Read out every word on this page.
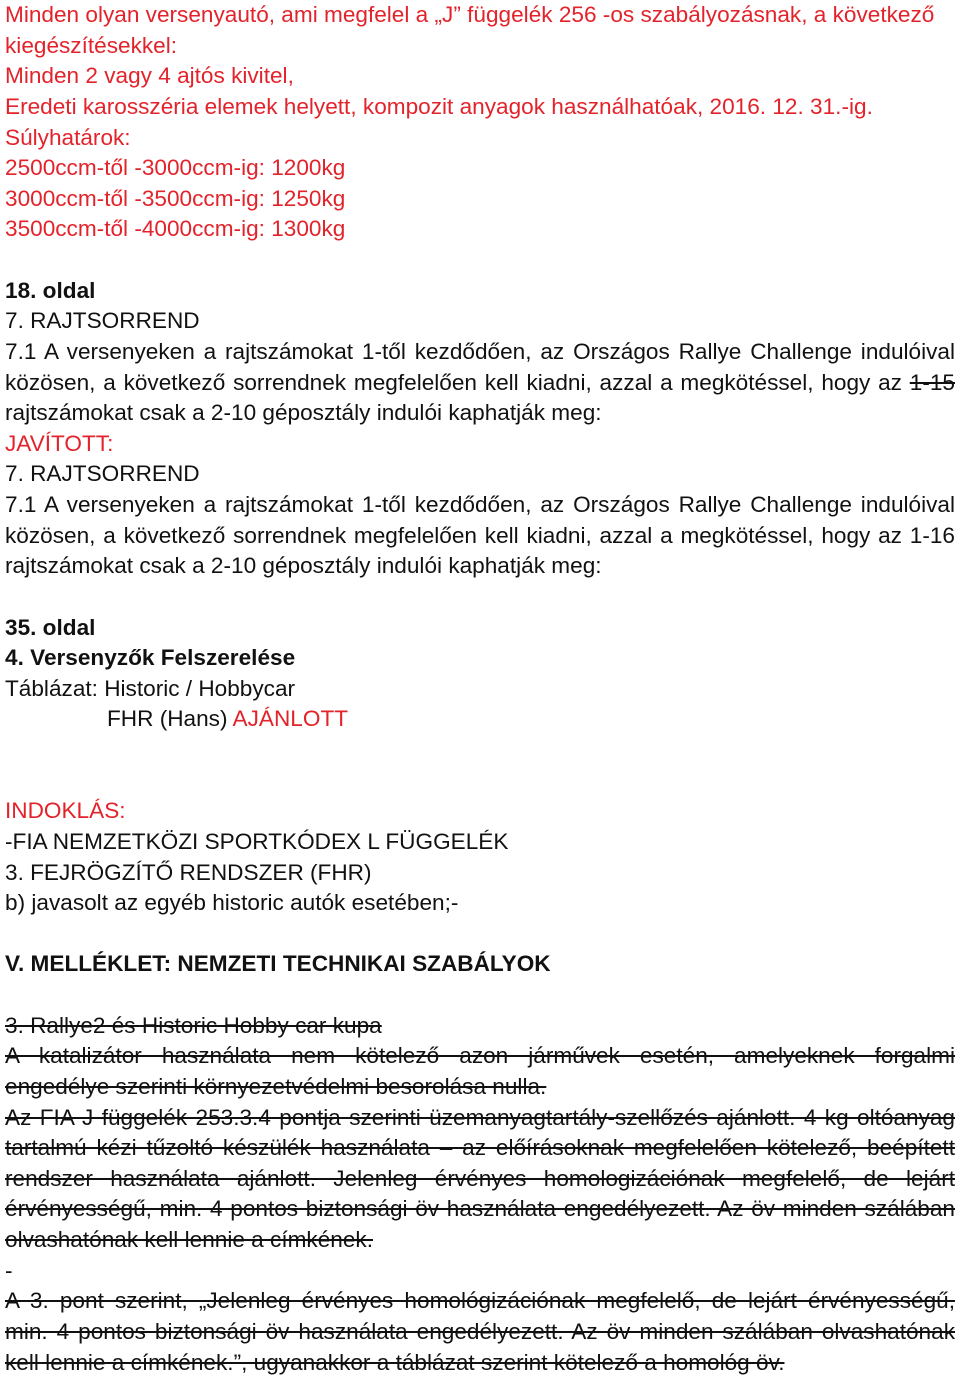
Minden olyan versenyautó, ami megfelel a „J” függelék 256 -os szabályozásnak, a következő
kiegészítésekkel:
Minden 2 vagy 4 ajtós kivitel,
Eredeti karosszéria elemek helyett, kompozit anyagok használhatóak, 2016. 12. 31.-ig.
Súlyhatárok:
2500ccm-től -3000ccm-ig: 1200kg
3000ccm-től -3500ccm-ig: 1250kg
3500ccm-től -4000ccm-ig: 1300kg
18. oldal
7. RAJTSORREND
7.1 A versenyeken a rajtszámokat 1-től kezdődően, az Országos Rallye Challenge indulóival
közösen, a következő sorrendnek megfelelően kell kiadni, azzal a megkötéssel, hogy az 1-15
rajtszámokat csak a 2-10 géposztály indulói kaphatják meg:
JAVÍTOTT:
7. RAJTSORREND
7.1 A versenyeken a rajtszámokat 1-től kezdődően, az Országos Rallye Challenge indulóival
közösen, a következő sorrendnek megfelelően kell kiadni, azzal a megkötéssel, hogy az 1-16
rajtszámokat csak a 2-10 géposztály indulói kaphatják meg:
35. oldal
4. Versenyzők Felszerelése
Táblázat: Historic / Hobbycar
FHR (Hans) AJÁNLOTT
INDOKLÁS:
-FIA NEMZETKÖZI SPORTKÓDEX L FÜGGELÉK
3. FEJRÖGZÍTŐ RENDSZER (FHR)
b) javasolt az egyéb historic autók esetében;-
V. MELLÉKLET: NEMZETI TECHNIKAI SZABÁLYOK
3. Rallye2 és Historic Hobby car kupa
A katalizátor használata nem kötelező azon járművek esetén, amelyeknek forgalmi
engedélye szerinti környezetvédelmi besorolása nulla.
Az FIA J függelék 253.3.4 pontja szerinti üzemanyagtartály-szellőzés ajánlott. 4 kg oltóanyag
tartalmú kézi tűzoltó készülék használata – az előírásoknak megfelelően kötelező, beépített
rendszer használata ajánlott. Jelenleg érvényes homologizációnak megfelelő, de lejárt
érvényességű, min. 4 pontos biztonsági öv használata engedélyezett. Az öv minden szálában
olvashatónak kell lennie a címkének.
-
A 3. pont szerint, „Jelenleg érvényes homológizációnak megfelelő, de lejárt érvényességű,
min. 4 pontos biztonsági öv használata engedélyezett. Az öv minden szálában olvashatónak
kell lennie a címkének.”, ugyanakkor a táblázat szerint kötelező a homológ öv.
